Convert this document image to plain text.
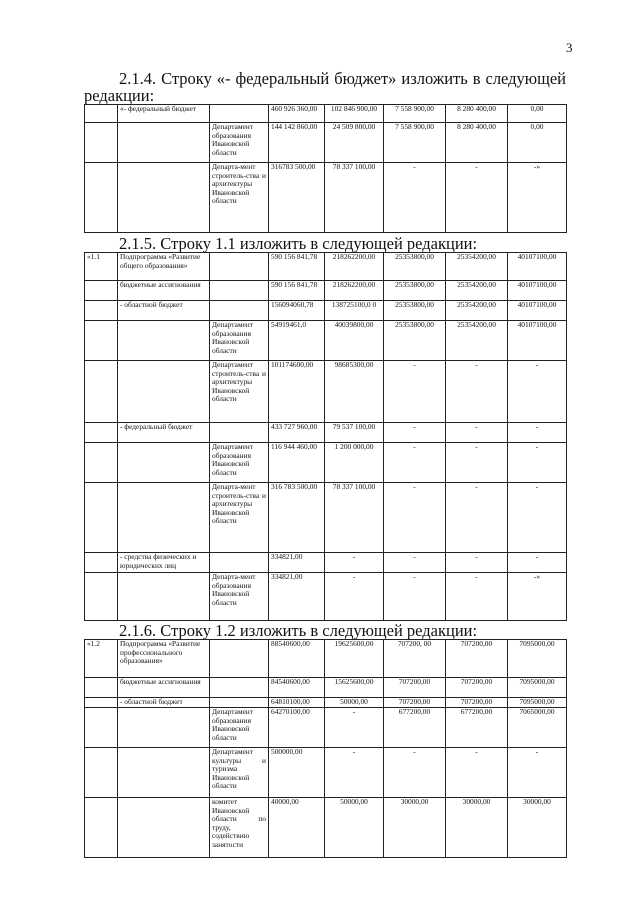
3

2.1.4. Строку «- федеральный бюджет» изложить в следующей
редакции:

	«- федеральный бюджет		460 926 360,00	102 846 900,00	7 558 900,00	8 280 400,00	0,00
		Департамент образования Ивановской области	144 142 860,00	24 509 800,00	7 558 900,00	8 280 400,00	0,00
		Департа-мент строитель-ства и архитектуры Ивановской области	316783 500,00	78 337 100,00	-	-	-»

2.1.5. Строку 1.1 изложить в следующей редакции:

«1.1	Подпрограмма «Развитие общего образования»		590 156 841,78	218262200,00	25353800,00	25354200,00	40107100,00
	бюджетные ассигнования		590 156 841,78	218262200,00	25353800,00	25354200,00	40107100,00
	- областной бюджет		156094060,78	138725100,0 0	25353800,00	25354200,00	40107100,00
		Департамент образования Ивановской области	54919461,0	40039800,00	25353800,00	25354200,00	40107100,00
		Департамент строитель-ства и архитектуры Ивановской области	101174600,00	98685300,00	-	-	-
	- федеральный бюджет		433 727 960,00	79 537 100,00	-	-	-
		Департамент образования Ивановской области	116 944 460,00	1 200 000,00	-	-	-
		Департа-мент строитель-ства и архитектуры Ивановской области	316 783 500,00	78 337 100,00	-	-	-
	- средства физических и юридических лиц		334821,00	-	-	-	-
		Департа-мент образования Ивановской области	334821,00	-	-	-	-»

2.1.6. Строку 1.2 изложить в следующей редакции:

«1.2	Подпрограмма «Развитие профессионального образования»		88540600,00	19625600,00	707200, 00	707200,00	7095000,00
	бюджетные ассигнования		84540600,00	15625600,00	707200,00	707200,00	7095000,00
	- областной бюджет		64810100,00	50000,00	707200,00	707200,00	7095000,00
		Департамент образования Ивановской области	64270100,00	-	677200,00	677200,00	7065000,00
		Департамент культуры и туризма Ивановской области	500000,00	-	-	-	-
		комитет Ивановской области по труду, содействию занятости	40000,00	50000,00	30000,00	30000,00	30000,00
